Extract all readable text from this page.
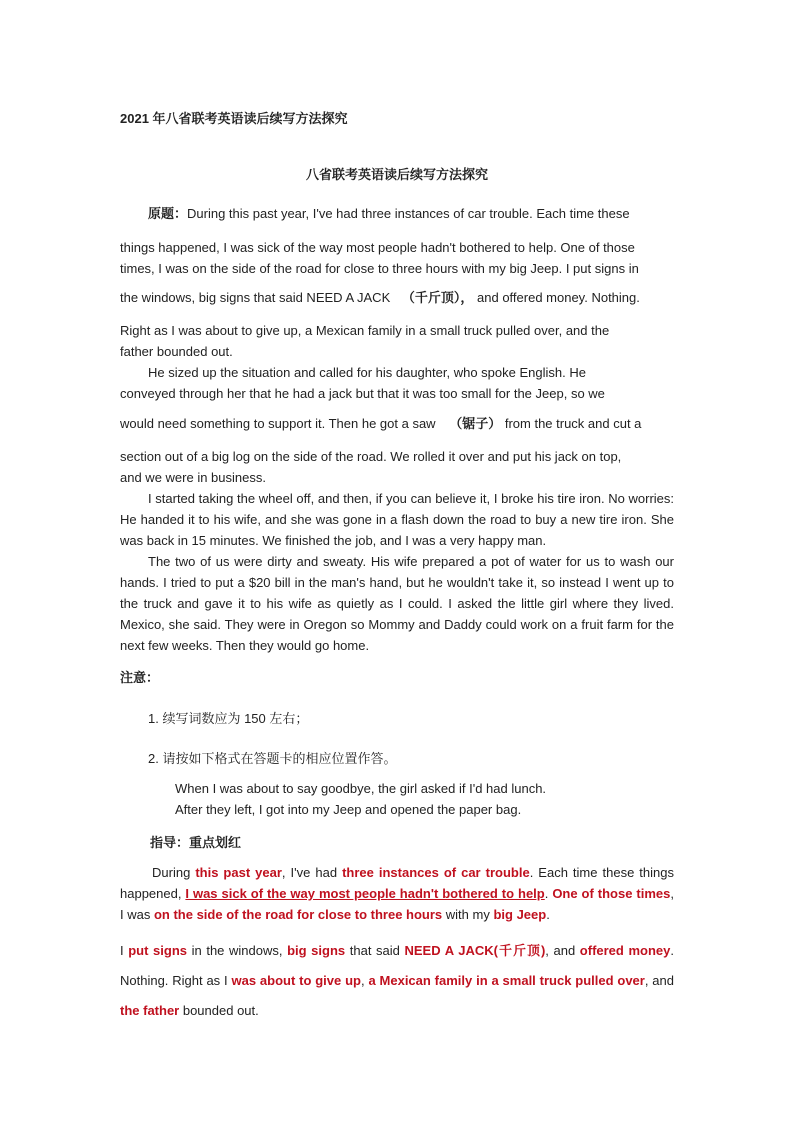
2021 年八省联考英语读后续写方法探究

八省联考英语读后续写方法探究

原题：During this past year, I've had three instances of car trouble. Each time these

things happened, I was sick of the way most people hadn't bothered to help. One of those

times, I was on the side of the road for close to three hours with my big Jeep. I put signs in

the windows, big signs that said NEED A JACK （千斤顶）， and offered money. Nothing.

Right as I was about to give up, a Mexican family in a small truck pulled over, and the

father bounded out.

He sized up the situation and called for his daughter, who spoke English. He

conveyed through her that he had a jack but that it was too small for the Jeep, so we

would need something to support it. Then he got a saw （锯子） from the truck and cut a

section out of a big log on the side of the road. We rolled it over and put his jack on top,

and we were in business.

I started taking the wheel off, and then, if you can believe it, I broke his tire iron. No worries: He handed it to his wife, and she was gone in a flash down the road to buy a new tire iron. She was back in 15 minutes. We finished the job, and I was a very happy man.

The two of us were dirty and sweaty. His wife prepared a pot of water for us to wash our hands. I tried to put a $20 bill in the man's hand, but he wouldn't take it, so instead I went up to the truck and gave it to his wife as quietly as I could. I asked the little girl where they lived. Mexico, she said. They were in Oregon so Mommy and Daddy could work on a fruit farm for the next few weeks. Then they would go home.

注意：

1. 续写词数应为 150 左右；

2. 请按如下格式在答题卡的相应位置作答。

When I was about to say goodbye, the girl asked if I'd had lunch.

After they left, I got into my Jeep and opened the paper bag.

指导：重点划红

During this past year, I've had three instances of car trouble. Each time these things happened, I was sick of the way most people hadn't bothered to help. One of those times, I was on the side of the road for close to three hours with my big Jeep.

I put signs in the windows, big signs that said NEED A JACK(千斤顶), and offered money. Nothing. Right as I was about to give up, a Mexican family in a small truck pulled over, and the father bounded out.
